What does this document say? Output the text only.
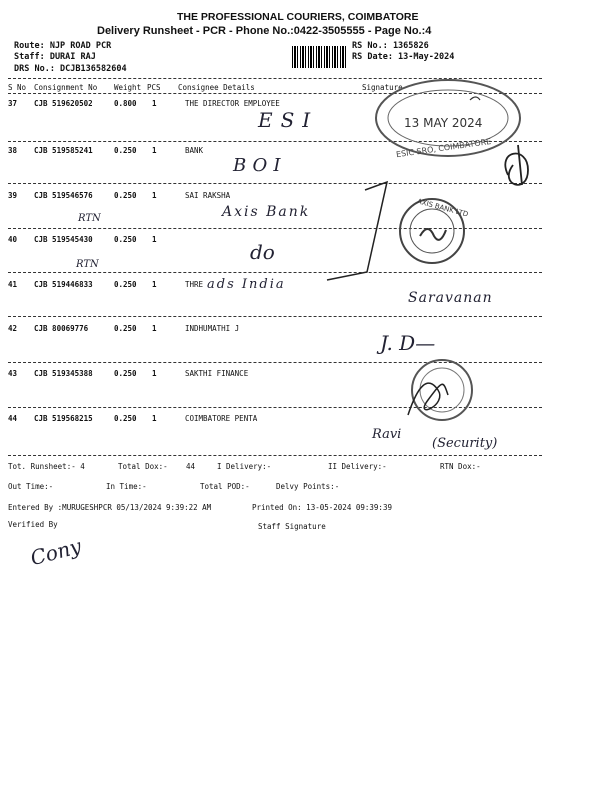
THE PROFESSIONAL COURIERS, COIMBATORE
Delivery Runsheet - PCR - Phone No.:0422-3505555 - Page No.:4
Route: NJP ROAD PCR
Staff: DURAI RAJ
DRS No.: DCJB136582604
RS No.: 1365826
RS Date: 13-May-2024
S No Consignment No Weight PCS Consignee Details	Signature
37 CJB 519620502	0.800 1	THE DIRECTOR EMPLOYEE
ESI
38 CJB 519585241	0.250 1	BANK
BOI
39 CJB 519546576	0.250 1	SAI RAKSHA
Axis Bank
RTN
40 CJB 519545430	0.250 1
do
RTN
41 CJB 519446833	0.250 1	THRE ads India
Saravanan
42 CJB 80069776	0.250 1	INDHUMATHI J
J. D—
43 CJB 519345388	0.250 1	SAKTHI FINANCE
44 CJB 519568215	0.250 1	COIMBATORE PENTA
Ravi
(Security)
13 MAY 2024
ESIC SRO, COIMBATORE
AXIS BANK LTD
Tot. Runsheet:- 4	Total Dox:- 44	I Delivery:-	II Delivery:-	RTN Dox:-
Out Time:-	In Time:-	Total POD:-	Delvy Points:-
Entered By :MURUGESHPCR 05/13/2024 9:39:22 AM	Printed On: 13-05-2024 09:39:39
Verified By	Staff Signature
Cony
